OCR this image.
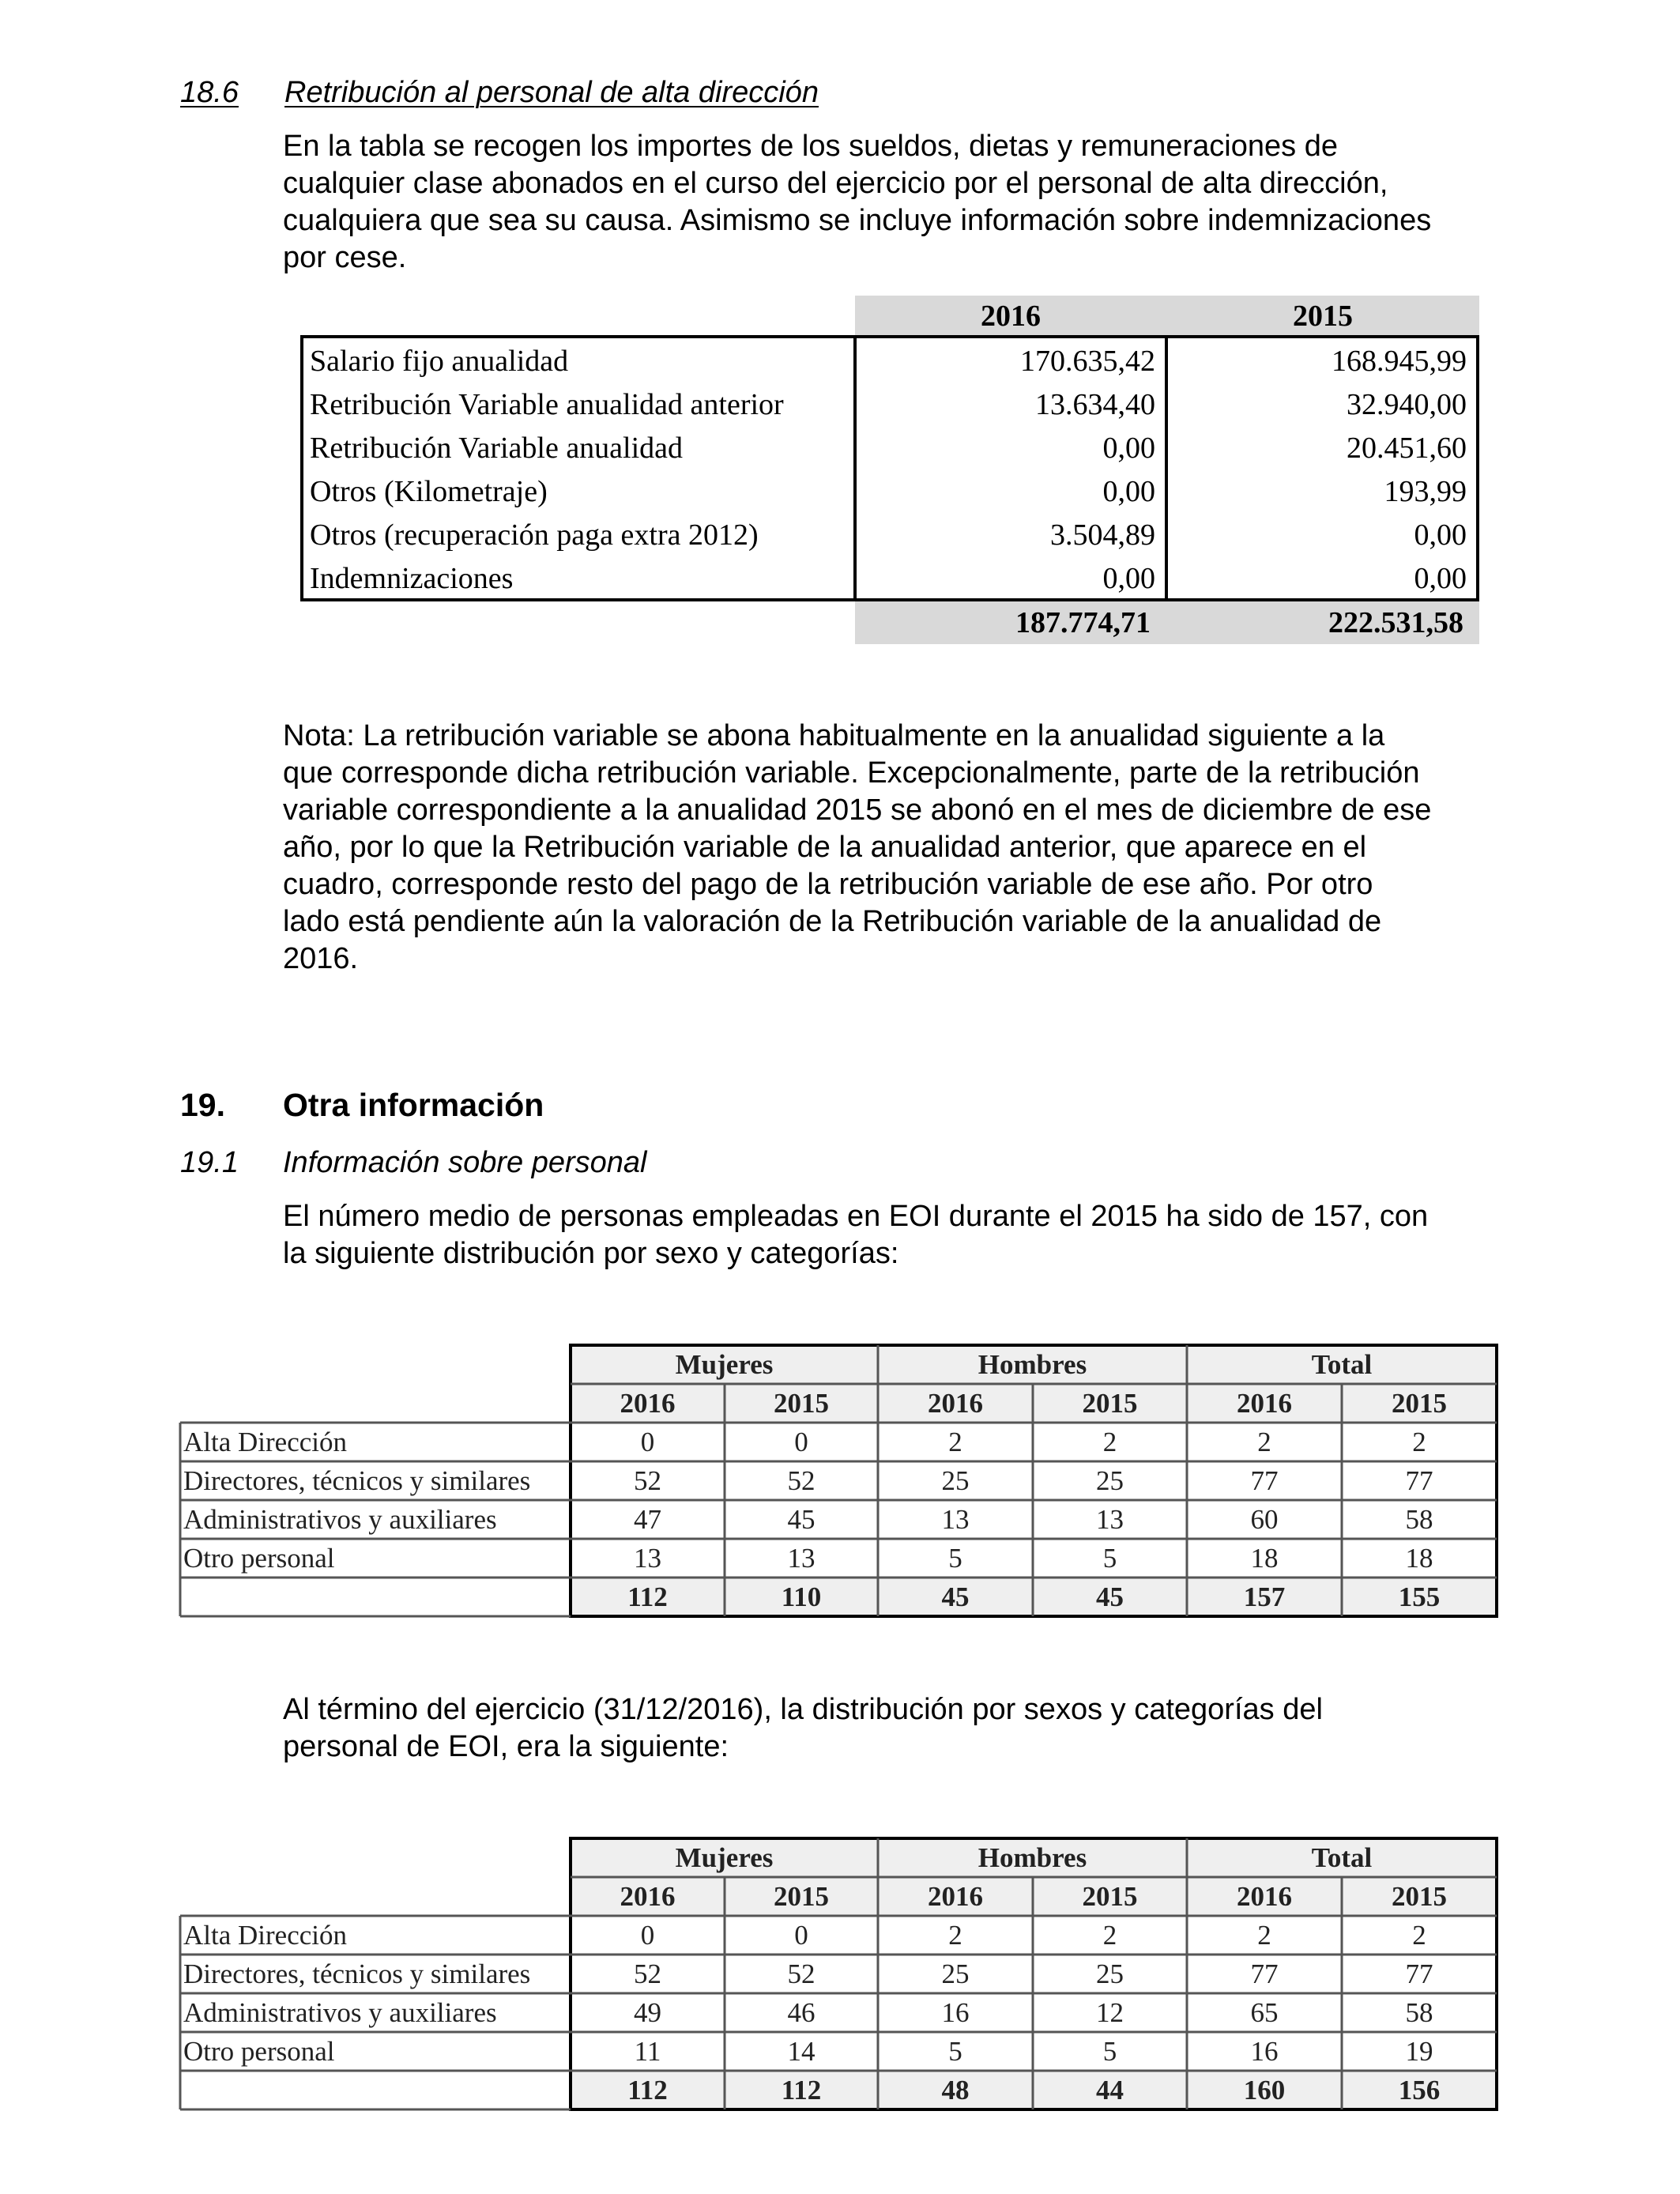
18.6 Retribución al personal de alta dirección

En la tabla se recogen los importes de los sueldos, dietas y remuneraciones de

cualquier clase abonados en el curso del ejercicio por el personal de alta dirección,

cualquiera que sea su causa. Asimismo se incluye información sobre indemnizaciones

por cese.

2016	2015
Salario fijo anualidad	170.635,42	168.945,99
Retribución Variable anualidad anterior	13.634,40	32.940,00
Retribución Variable anualidad	0,00	20.451,60
Otros (Kilometraje)	0,00	193,99
Otros (recuperación paga extra 2012)	3.504,89	0,00
Indemnizaciones	0,00	0,00
187.774,71	222.531,58

Nota: La retribución variable se abona habitualmente en la anualidad siguiente a la

que corresponde dicha retribución variable. Excepcionalmente, parte de la retribución

variable correspondiente a la anualidad 2015 se abonó en el mes de diciembre de ese

año, por lo que la Retribución variable de la anualidad anterior, que aparece en el

cuadro, corresponde resto del pago de la retribución variable de ese año. Por otro

lado está pendiente aún la valoración de la Retribución variable de la anualidad de

2016.

19. Otra información
19.1 Información sobre personal

El número medio de personas empleadas en EOI durante el 2015 ha sido de 157, con

la siguiente distribución por sexo y categorías:

Mujeres	Hombres	Total
2016	2015	2016	2015	2016	2015
Alta Dirección	0	0	2	2	2	2
Directores, técnicos y similares	52	52	25	25	77	77
Administrativos y auxiliares	47	45	13	13	60	58
Otro personal	13	13	5	5	18	18
112	110	45	45	157	155

Al término del ejercicio (31/12/2016), la distribución por sexos y categorías del

personal de EOI, era la siguiente:

Mujeres	Hombres	Total
2016	2015	2016	2015	2016	2015
Alta Dirección	0	0	2	2	2	2
Directores, técnicos y similares	52	52	25	25	77	77
Administrativos y auxiliares	49	46	16	12	65	58
Otro personal	11	14	5	5	16	19
112	112	48	44	160	156
